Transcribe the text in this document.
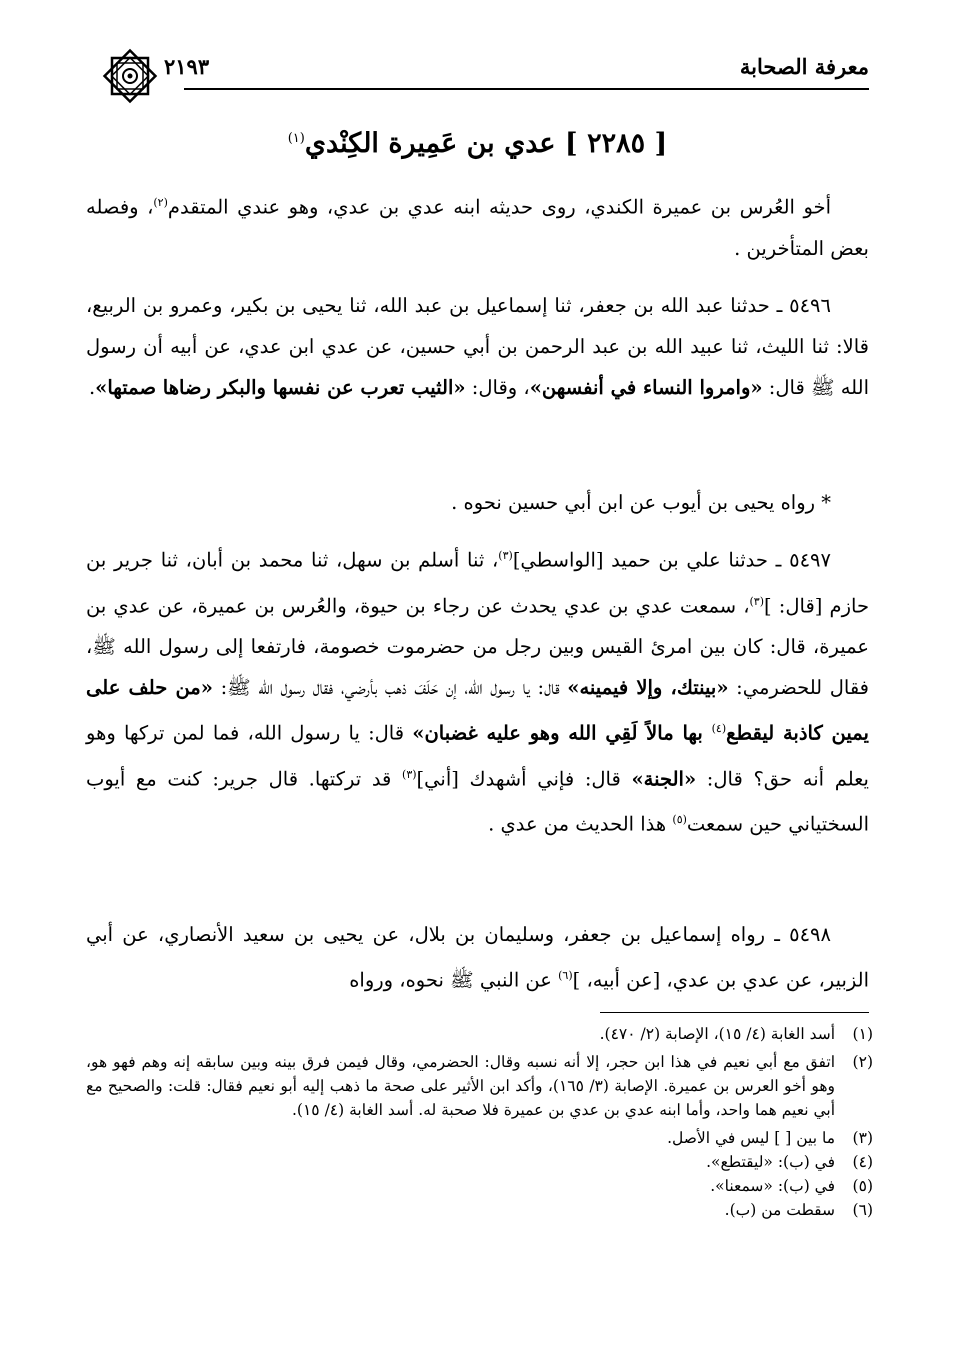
معرفة الصحابة
٢١٩٣
[ ٢٢٨٥ ] عدي بن عَمِيرة الكِنْدي$^{(١)}$

أخو العُرس بن عميرة الكندي، روى حديثه ابنه عدي بن عدي، وهو عندي المتقدم$^{(٢)}$، وفصله بعض المتأخرين .

٥٤٩٦ ـ حدثنا عبد الله بن جعفر، ثنا إسماعيل بن عبد الله، ثنا يحيى بن بكير، وعمرو بن الربيع، قالا: ثنا الليث، ثنا عبيد الله بن عبد الرحمن بن أبي حسين، عن عدي ابن عدي، عن أبيه أن رسول الله ﷺ قال: «وامروا النساء في أنفسهن»، وقال: «الثيب تعرب عن نفسها والبكر رضاها صمتها».

* رواه يحيى بن أيوب عن ابن أبي حسين نحوه .

٥٤٩٧ ـ حدثنا علي بن حميد [الواسطي]$^{(٣)}$، ثنا أسلم بن سهل، ثنا محمد بن أبان، ثنا جرير بن حازم [قال: ]$^{(٣)}$، سمعت عدي بن عدي يحدث عن رجاء بن حيوة، والعُرس بن عميرة، عن عدي بن عميرة، قال: كان بين امرئ القيس وبين رجل من حضرموت خصومة، فارتفعا إلى رسول الله ﷺ، فقال للحضرمي: «بينتك، وإلا فيمينه» قال: يا رسول الله، إن حَلَفَ ذهب بأرضي، فقال رسول الله ﷺ: «من حلف على يمين كاذبة ليقطع$^{(٤)}$ بها مالاً لَقِي الله وهو عليه غضبان» قال: يا رسول الله، فما لمن تركها وهو يعلم أنه حق؟ قال: «الجنة» قال: فإني أشهدك [أني]$^{(٣)}$ قد تركتها. قال جرير: كنت مع أيوب السختياني حين سمعت$^{(٥)}$ هذا الحديث من عدي .

٥٤٩٨ ـ رواه إسماعيل بن جعفر، وسليمان بن بلال، عن يحيى بن سعيد الأنصاري، عن أبي الزبير، عن عدي بن عدي، [عن أبيه، ]$^{(٦)}$ عن النبي ﷺ نحوه، ورواه

(١)
أسد الغابة (٤/ ١٥)، الإصابة (٢/ ٤٧٠).
(٢)
اتفق مع أبي نعيم في هذا ابن حجر، إلا أنه نسبه وقال: الحضرمي، وقال فيمن فرق بينه وبين سابقه إنه وهم فهو هو، وهو أخو العرس بن عميرة. الإصابة (٣/ ١٦٥)، وأكد ابن الأثير على صحة ما ذهب إليه أبو نعيم فقال: قلت: والصحيح مع أبي نعيم هما واحد، وأما ابنه عدي بن عدي بن عميرة فلا صحبة له. أسد الغابة (٤/ ١٥).
(٣)
ما بين [ ] ليس في الأصل.
(٤)
في (ب): «ليقتطع».
(٥)
في (ب): «سمعنا».
(٦)
سقطت من (ب).
